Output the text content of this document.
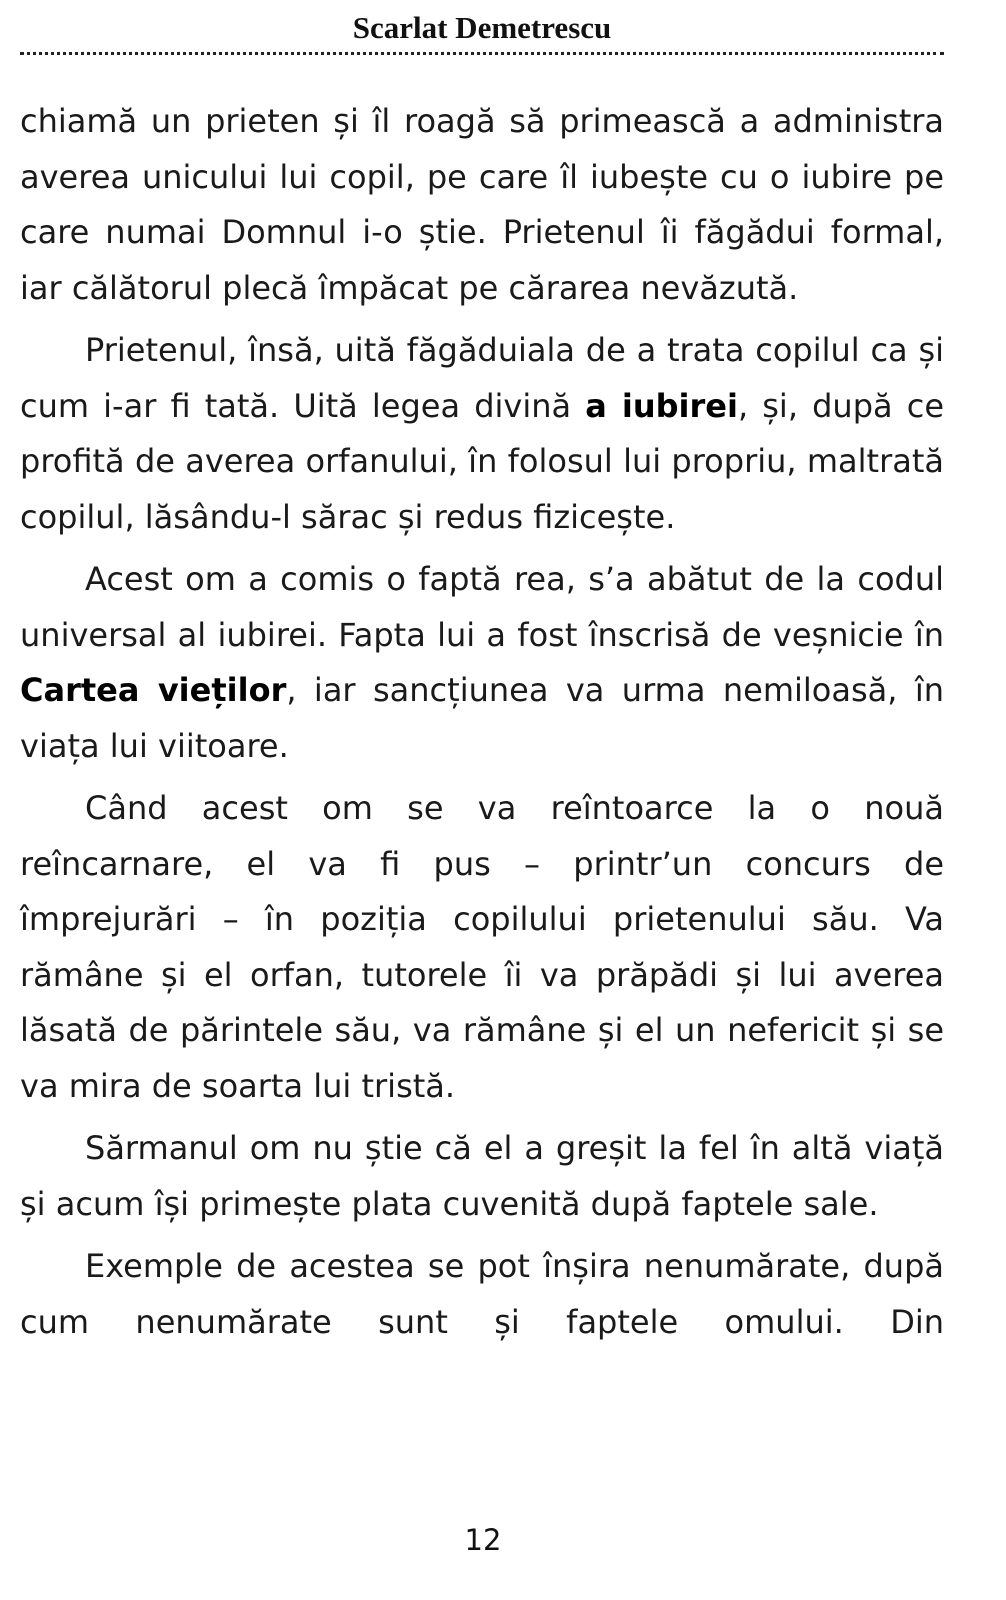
Scarlat Demetrescu

chiamă un prieten și îl roagă să primească a administra averea unicului lui copil, pe care îl iubește cu o iubire pe care numai Domnul i-o știe. Prietenul îi făgădui formal, iar călătorul plecă împăcat pe cărarea nevăzută.

Prietenul, însă, uită făgăduiala de a trata copilul ca și cum i-ar fi tată. Uită legea divină a iubirei, și, după ce profită de averea orfanului, în folosul lui propriu, maltrată copilul, lăsându-l sărac și redus fizicește.

Acest om a comis o faptă rea, s’a abătut de la codul universal al iubirei. Fapta lui a fost înscrisă de veșnicie în Cartea vieților, iar sancțiunea va urma nemiloasă, în viața lui viitoare.

Când acest om se va reîntoarce la o nouă reîncarnare, el va fi pus – printr’un concurs de împrejurări – în poziția copilului prietenului său. Va rămâne și el orfan, tutorele îi va prăpădi și lui averea lăsată de părintele său, va rămâne și el un nefericit și se va mira de soarta lui tristă.

Sărmanul om nu știe că el a greșit la fel în altă viață și acum își primește plata cuvenită după faptele sale.

Exemple de acestea se pot înșira nenumărate, după cum nenumărate sunt și faptele omului. Din

12
